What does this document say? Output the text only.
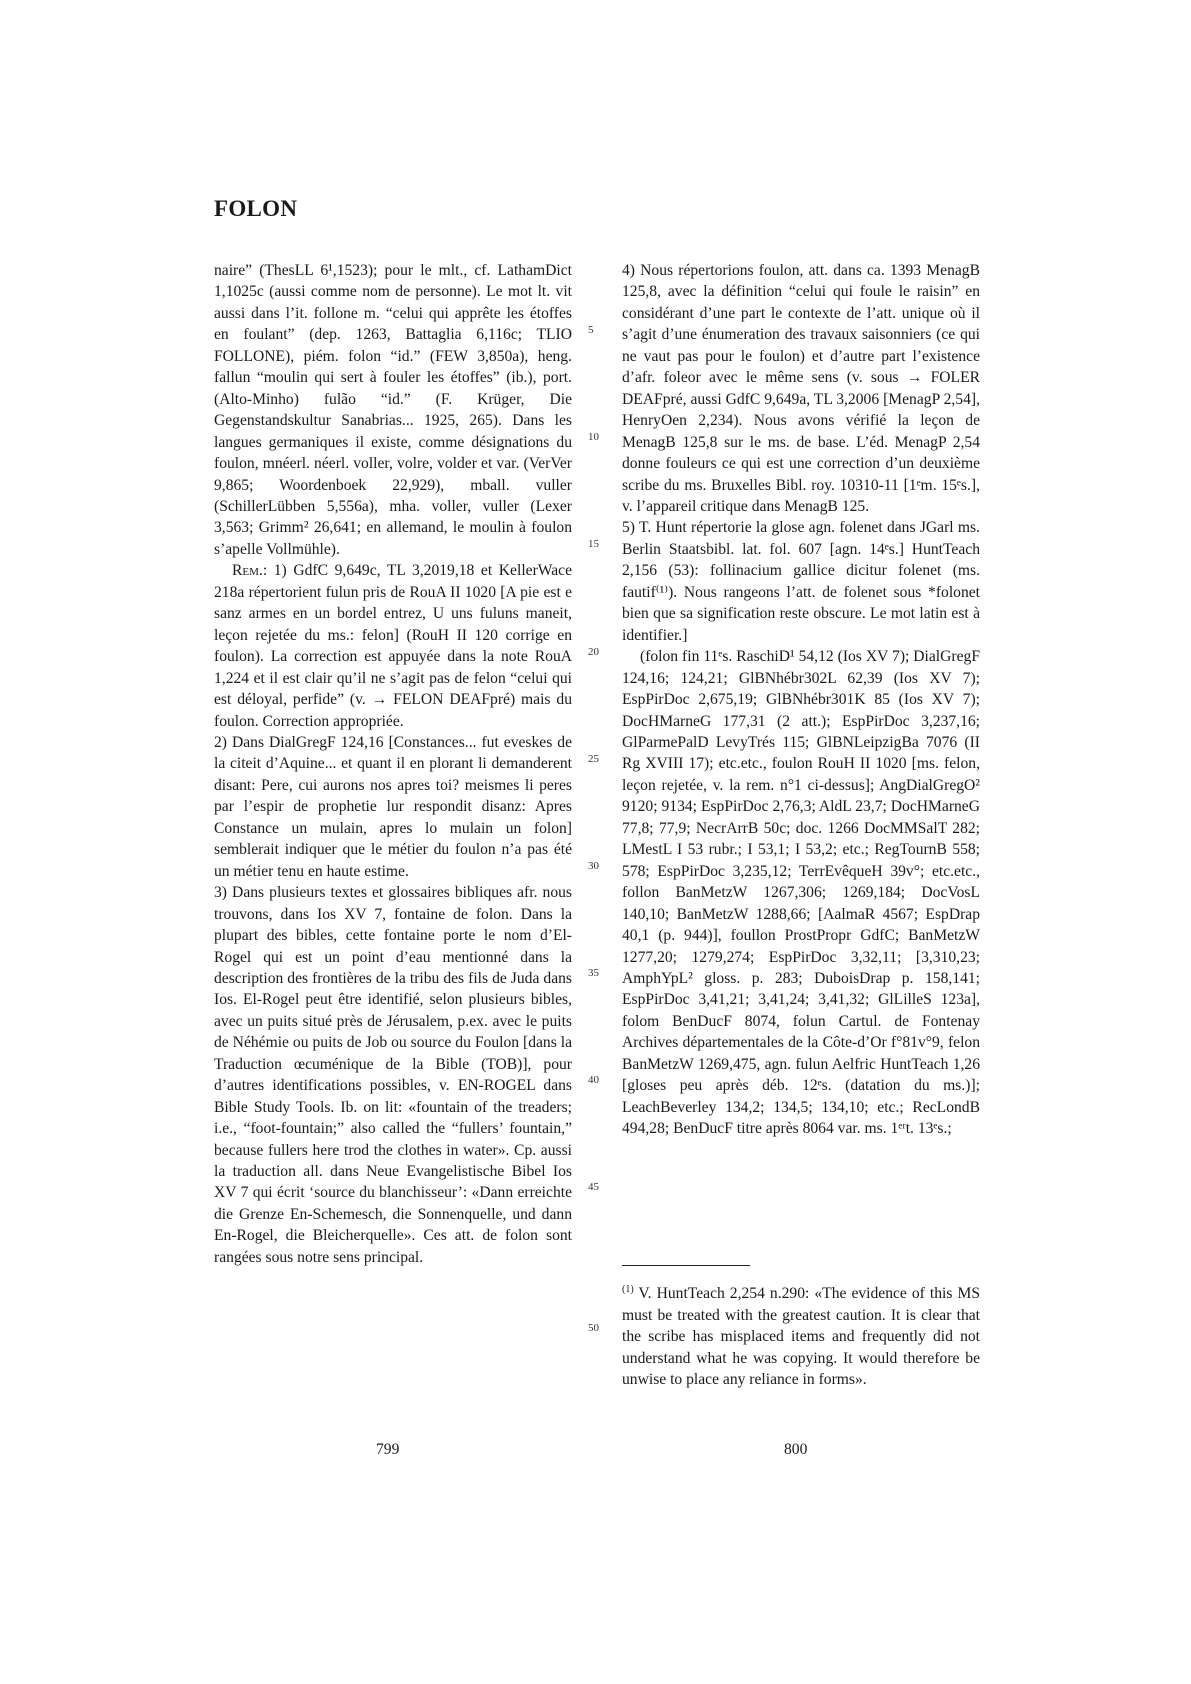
FOLON

naire” (ThesLL 6¹,1523); pour le mlt., cf. LathamDict 1,1025c (aussi comme nom de personne). Le mot lt. vit aussi dans l’it. follone m. “celui qui apprête les étoffes en foulant” (dep. 1263, Battaglia 6,116c; TLIO FOLLONE), piém. folon “id.” (FEW 3,850a), heng. fallun “moulin qui sert à fouler les étoffes” (ib.), port. (Alto-Minho) fulão “id.” (F. Krüger, Die Gegenstandskultur Sanabrias... 1925, 265). Dans les langues germaniques il existe, comme désignations du foulon, mnéerl. néerl. voller, volre, volder et var. (VerVer 9,865; Woordenboek 22,929), mball. vuller (SchillerLübben 5,556a), mha. voller, vuller (Lexer 3,563; Grimm² 26,641; en allemand, le moulin à foulon s’apelle Vollmühle).

Rem.: 1) GdfC 9,649c, TL 3,2019,18 et KellerWace 218a répertorient fulun pris de RouA II 1020 [A pie est e sanz armes en un bordel entrez, U uns fuluns maneit, leçon rejetée du ms.: felon] (RouH II 120 corrige en foulon). La correction est appuyée dans la note RouA 1,224 et il est clair qu’il ne s’agit pas de felon “celui qui est déloyal, perfide” (v. → FELON DEAFpré) mais du foulon. Correction appropriée.

2) Dans DialGregF 124,16 [Constances... fut eveskes de la citeit d’Aquine... et quant il en plorant li demanderent disant: Pere, cui aurons nos apres toi? meismes li peres par l’espir de prophetie lur respondit disanz: Apres Constance un mulain, apres lo mulain un folon] semblerait indiquer que le métier du foulon n’a pas été un métier tenu en haute estime.

3) Dans plusieurs textes et glossaires bibliques afr. nous trouvons, dans Ios XV 7, fontaine de folon. Dans la plupart des bibles, cette fontaine porte le nom d’El-Rogel qui est un point d’eau mentionné dans la description des frontières de la tribu des fils de Juda dans Ios. El-Rogel peut être identifié, selon plusieurs bibles, avec un puits situé près de Jérusalem, p.ex. avec le puits de Néhémie ou puits de Job ou source du Foulon [dans la Traduction œcuménique de la Bible (TOB)], pour d’autres identifications possibles, v. EN-ROGEL dans Bible Study Tools. Ib. on lit: «fountain of the treaders; i.e., “foot-fountain;” also called the “fullers’ fountain,” because fullers here trod the clothes in water». Cp. aussi la traduction all. dans Neue Evangelistische Bibel Ios XV 7 qui écrit ‘source du blanchisseur’: «Dann erreichte die Grenze En-Schemesch, die Sonnenquelle, und dann En-Rogel, die Bleicherquelle». Ces att. de folon sont rangées sous notre sens principal.

5
10
15
20
25
30
35
40
45
50

4) Nous répertorions foulon, att. dans ca. 1393 MenagB 125,8, avec la définition “celui qui foule le raisin” en considérant d’une part le contexte de l’att. unique où il s’agit d’une énumeration des travaux saisonniers (ce qui ne vaut pas pour le foulon) et d’autre part l’existence d’afr. foleor avec le même sens (v. sous → FOLER DEAFpré, aussi GdfC 9,649a, TL 3,2006 [MenagP 2,54], HenryOen 2,234). Nous avons vérifié la leçon de MenagB 125,8 sur le ms. de base. L’éd. MenagP 2,54 donne fouleurs ce qui est une correction d’un deuxième scribe du ms. Bruxelles Bibl. roy. 10310-11 [1ᵉm. 15ᵉs.], v. l’appareil critique dans MenagB 125.

5) T. Hunt répertorie la glose agn. folenet dans JGarl ms. Berlin Staatsbibl. lat. fol. 607 [agn. 14ᵉs.] HuntTeach 2,156 (53): follinacium gallice dicitur folenet (ms. fautif⁽¹⁾). Nous rangeons l’att. de folenet sous *folonet bien que sa signification reste obscure. Le mot latin est à identifier.]

(folon fin 11ᵉs. RaschiD¹ 54,12 (Ios XV 7); DialGregF 124,16; 124,21; GlBNhébr302L 62,39 (Ios XV 7); EspPirDoc 2,675,19; GlBNhébr301K 85 (Ios XV 7); DocHMarneG 177,31 (2 att.); EspPirDoc 3,237,16; GlParmePalD LevyTrés 115; GlBNLeipzigBa 7076 (II Rg XVIII 17); etc.etc., foulon RouH II 1020 [ms. felon, leçon rejetée, v. la rem. n°1 ci-dessus]; AngDialGregO² 9120; 9134; EspPirDoc 2,76,3; AldL 23,7; DocHMarneG 77,8; 77,9; NecrArrB 50c; doc. 1266 DocMMSalT 282; LMestL I 53 rubr.; I 53,1; I 53,2; etc.; RegTournB 558; 578; EspPirDoc 3,235,12; TerrEvêqueH 39v°; etc.etc., follon BanMetzW 1267,306; 1269,184; DocVosL 140,10; BanMetzW 1288,66; [AalmaR 4567; EspDrap 40,1 (p. 944)], foullon ProstPropr GdfC; BanMetzW 1277,20; 1279,274; EspPirDoc 3,32,11; [3,310,23; AmphYpL² gloss. p. 283; DuboisDrap p. 158,141; EspPirDoc 3,41,21; 3,41,24; 3,41,32; GlLilleS 123a], folom BenDucF 8074, folun Cartul. de Fontenay Archives départementales de la Côte-d’Or f°81v°9, felon BanMetzW 1269,475, agn. fulun Aelfric HuntTeach 1,26 [gloses peu après déb. 12ᵉs. (datation du ms.)]; LeachBeverley 134,2; 134,5; 134,10; etc.; RecLondB 494,28; BenDucF titre après 8064 var. ms. 1ᵉʳt. 13ᵉs.;

$^{(1)}$ V. HuntTeach 2,254 n.290: «The evidence of this MS must be treated with the greatest caution. It is clear that the scribe has misplaced items and frequently did not understand what he was copying. It would therefore be unwise to place any reliance in forms».
799	800
